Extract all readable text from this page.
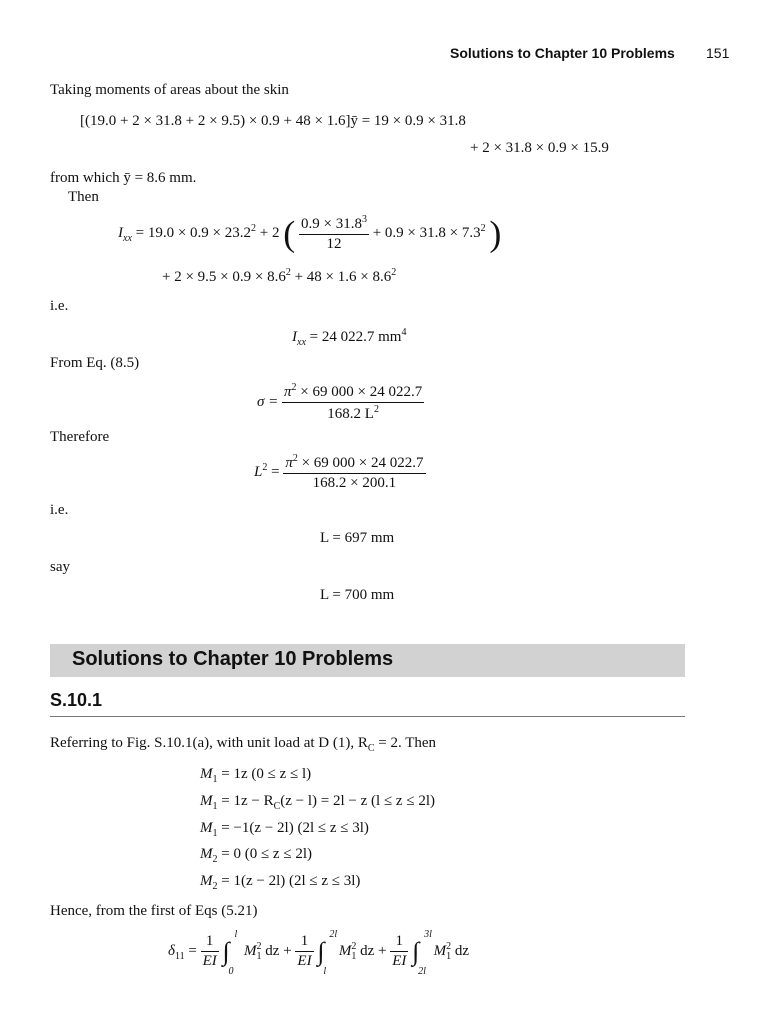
Solutions to Chapter 10 Problems 151
Taking moments of areas about the skin
[(19.0 + 2 × 31.8 + 2 × 9.5) × 0.9 + 48 × 1.6]ȳ = 19 × 0.9 × 31.8
+ 2 × 31.8 × 0.9 × 15.9
from which ȳ = 8.6 mm.
Then
$I_{xx} = 19.0 \times 0.9 \times 23.2^2 + 2$ ( $\frac{0.9 \times 31.8^3}{12} + 0.9 \times 31.8 \times 7.3^2$ )
+ $2 \times 9.5 \times 0.9 \times 8.6^2 + 48 \times 1.6 \times 8.6^2$
i.e.
$I_{xx} = 24$ 022.7 $mm^4$
From Eq. (8.5)
$\sigma = \frac{\pi^2 \times 69 000 \times 24 022.7}{168.2 L^2}$
Therefore
$L^2 = \frac{\pi^2 \times 69 000 \times 24 022.7}{168.2 \times 200.1}$
i.e.
L = 697 mm
say
L = 700 mm
Solutions to Chapter 10 Problems
S.10.1
Referring to Fig. S.10.1(a), with unit load at D (1), $R_C = 2$. Then
$M_1 = 1z$ (0 ≤ z ≤ l)
$M_1 = 1z - R_C(z - l) = 2l - z$ (l ≤ z ≤ 2l)
$M_1 = -1(z - 2l) (2l \le z \le 3l)$
$M_2 = 0$ (0 ≤ z ≤ 2l)
$M_2 = 1(z - 2l) (2l \le z \le 3l)$
Hence, from the first of Eqs (5.21)
$\delta_{11} = \frac{1}{EI}$ ∫
l
0
$M^2_1$ dz + $\frac{1}{EI}$ ∫
2l
l
$M^2_1$ dz + $\frac{1}{EI}$ ∫
3l
2l
$M^2_1$ dz
